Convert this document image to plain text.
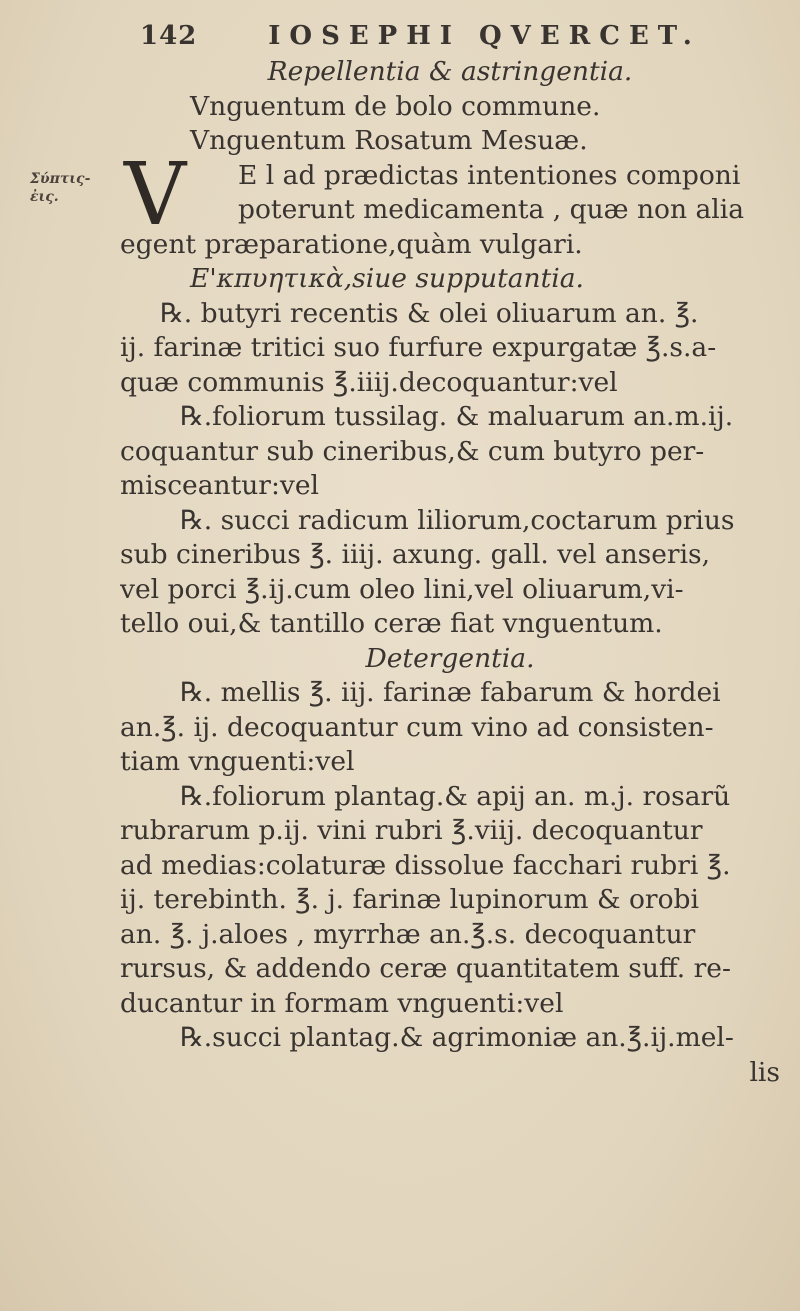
142	IOSEPHI QVERCET.
Σύπτις-ἐις. V
Repellentia & astringentia.
Vnguentum de bolo commune.
Vnguentum Rosatum Mesuæ.
E l ad prædictas intentiones componi
poterunt medicamenta , quæ non alia
egent præparatione,quàm vulgari.
E'κπυητικὰ,siue supputantia.
℞. butyri recentis & olei oliuarum an. ℥.
ij. farinæ tritici suo furfure expurgatæ ℥.s.a-
quæ communis ℥.iiij.decoquantur:vel
℞.foliorum tussilag. & maluarum an.m.ij.
coquantur sub cineribus,& cum butyro per-
misceantur:vel
℞. succi radicum liliorum,coctarum prius
sub cineribus ℥. iiij. axung. gall. vel anseris,
vel porci ℥.ij.cum oleo lini,vel oliuarum,vi-
tello oui,& tantillo ceræ fiat vnguentum.
Detergentia.
℞. mellis ℥. iij. farinæ fabarum & hordei
an.℥. ij. decoquantur cum vino ad consisten-
tiam vnguenti:vel
℞.foliorum plantag.& apij an. m.j. rosarũ
rubrarum p.ij. vini rubri ℥.viij. decoquantur
ad medias:colaturæ dissolue facchari rubri ℥.
ij. terebinth. ℥. j. farinæ lupinorum & orobi
an. ℥. j.aloes , myrrhæ an.℥.s. decoquantur
rursus, & addendo ceræ quantitatem suff. re-
ducantur in formam vnguenti:vel
℞.succi plantag.& agrimoniæ an.℥.ij.mel-
lis
